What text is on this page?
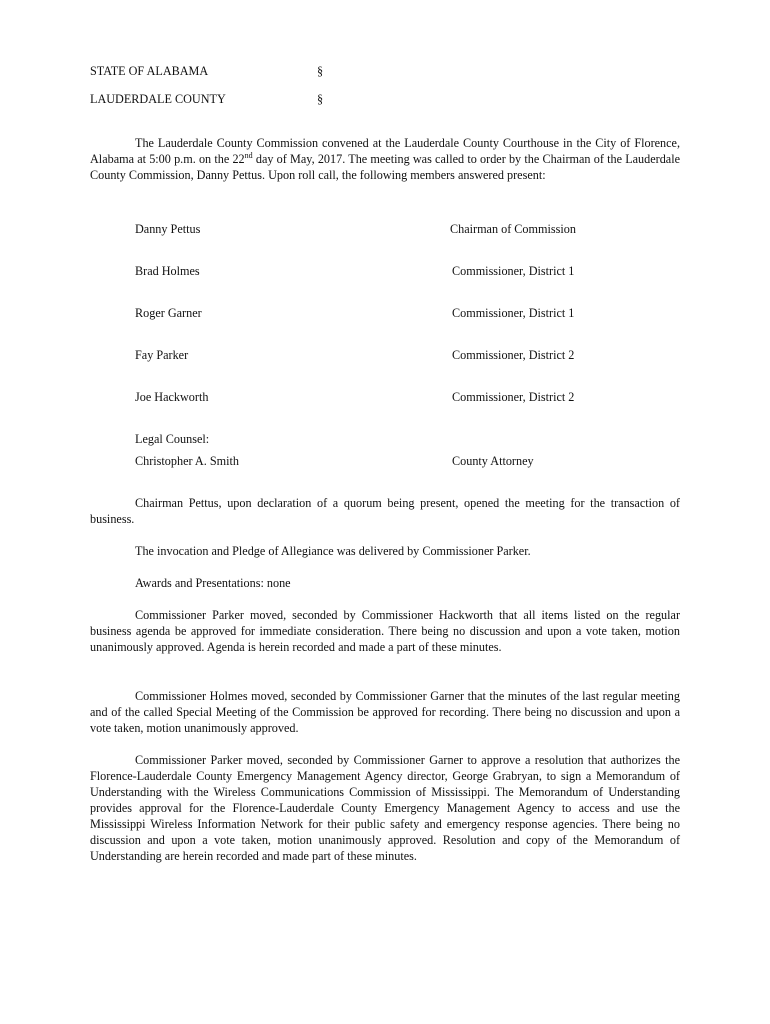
STATE OF ALABAMA	§
LAUDERDALE COUNTY	§
The Lauderdale County Commission convened at the Lauderdale County Courthouse in the City of Florence, Alabama at 5:00 p.m. on the 22nd day of May, 2017. The meeting was called to order by the Chairman of the Lauderdale County Commission, Danny Pettus. Upon roll call, the following members answered present:
Danny Pettus	Chairman of Commission
Brad Holmes	Commissioner, District 1
Roger Garner	Commissioner, District 1
Fay Parker	Commissioner, District 2
Joe Hackworth	Commissioner, District 2
Legal Counsel:
Christopher A. Smith	County Attorney
Chairman Pettus, upon declaration of a quorum being present, opened the meeting for the transaction of business.
The invocation and Pledge of Allegiance was delivered by Commissioner Parker.
Awards and Presentations: none
Commissioner Parker moved, seconded by Commissioner Hackworth that all items listed on the regular business agenda be approved for immediate consideration. There being no discussion and upon a vote taken, motion unanimously approved. Agenda is herein recorded and made a part of these minutes.
Commissioner Holmes moved, seconded by Commissioner Garner that the minutes of the last regular meeting and of the called Special Meeting of the Commission be approved for recording. There being no discussion and upon a vote taken, motion unanimously approved.
Commissioner Parker moved, seconded by Commissioner Garner to approve a resolution that authorizes the Florence-Lauderdale County Emergency Management Agency director, George Grabryan, to sign a Memorandum of Understanding with the Wireless Communications Commission of Mississippi. The Memorandum of Understanding provides approval for the Florence-Lauderdale County Emergency Management Agency to access and use the Mississippi Wireless Information Network for their public safety and emergency response agencies. There being no discussion and upon a vote taken, motion unanimously approved. Resolution and copy of the Memorandum of Understanding are herein recorded and made part of these minutes.
